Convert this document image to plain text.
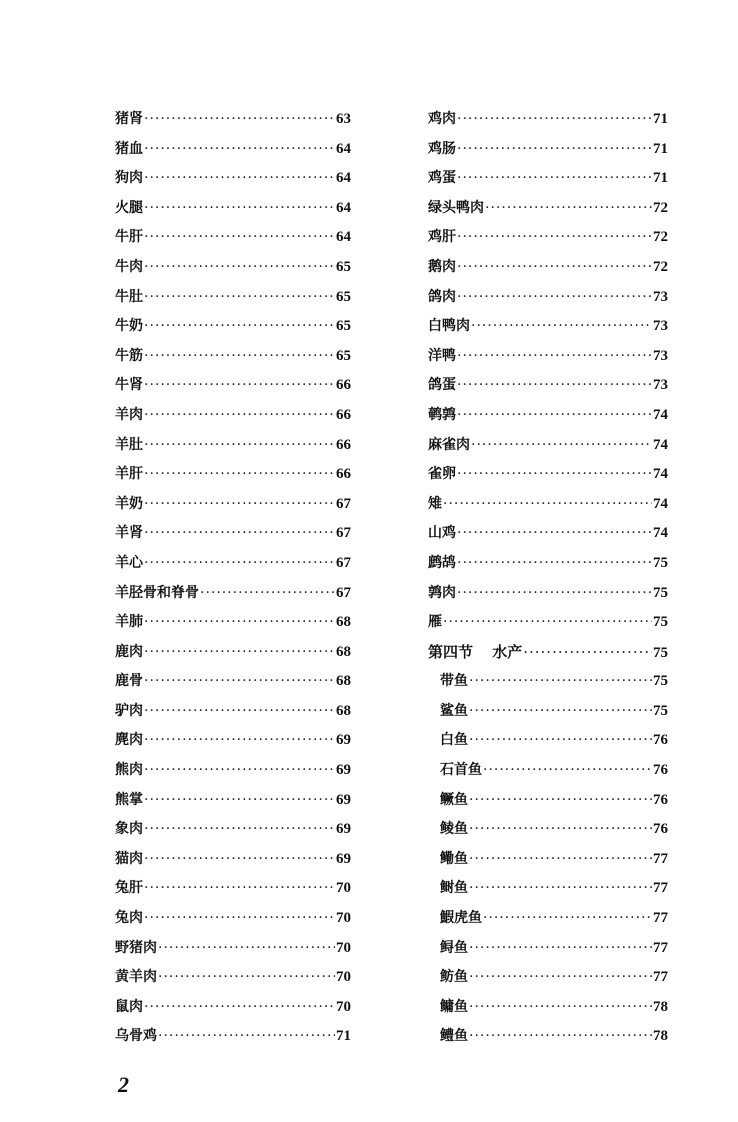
猪肾 ·····	63
猪血 ·····	64
狗肉 ·····	64
火腿 ·····	64
牛肝 ·····	64
牛肉 ·····	65
牛肚 ·····	65
牛奶 ·····	65
牛筋 ·····	65
牛肾 ·····	66
羊肉 ·····	66
羊肚 ·····	66
羊肝 ·····	66
羊奶 ·····	67
羊肾 ·····	67
羊心 ·····	67
羊胫骨和脊骨 ·····	67
羊肺 ·····	68
鹿肉 ·····	68
鹿骨 ·····	68
驴肉 ·····	68
麂肉 ·····	69
熊肉 ·····	69
熊掌 ·····	69
象肉 ·····	69
猫肉 ·····	69
兔肝 ·····	70
兔肉 ·····	70
野猪肉 ·····	70
黄羊肉 ·····	70
鼠肉 ·····	70
乌骨鸡 ·····	71
鸡肉 ·····	71
鸡肠 ·····	71
鸡蛋 ·····	71
绿头鸭肉 ·····	72
鸡肝 ·····	72
鹅肉 ·····	72
鸽肉 ·····	73
白鸭肉 ·····	73
洋鸭 ·····	73
鸽蛋 ·····	73
鹌鹑 ·····	74
麻雀肉 ·····	74
雀卵 ·····	74
雉 ·····	74
山鸡 ·····	74
鹧鸪 ·····	75
鹑肉 ·····	75
雁 ·····	75
第四节 水产 ·····	75
带鱼 ·····	75
鲨鱼 ·····	75
白鱼 ·····	76
石首鱼 ·····	76
鳜鱼 ·····	76
鲮鱼 ·····	76
鳓鱼 ·····	77
鲥鱼 ·····	77
鰕虎鱼 ·····	77
鲟鱼 ·····	77
鲂鱼 ·····	77
鳙鱼 ·····	78
鳢鱼 ·····	78
2
